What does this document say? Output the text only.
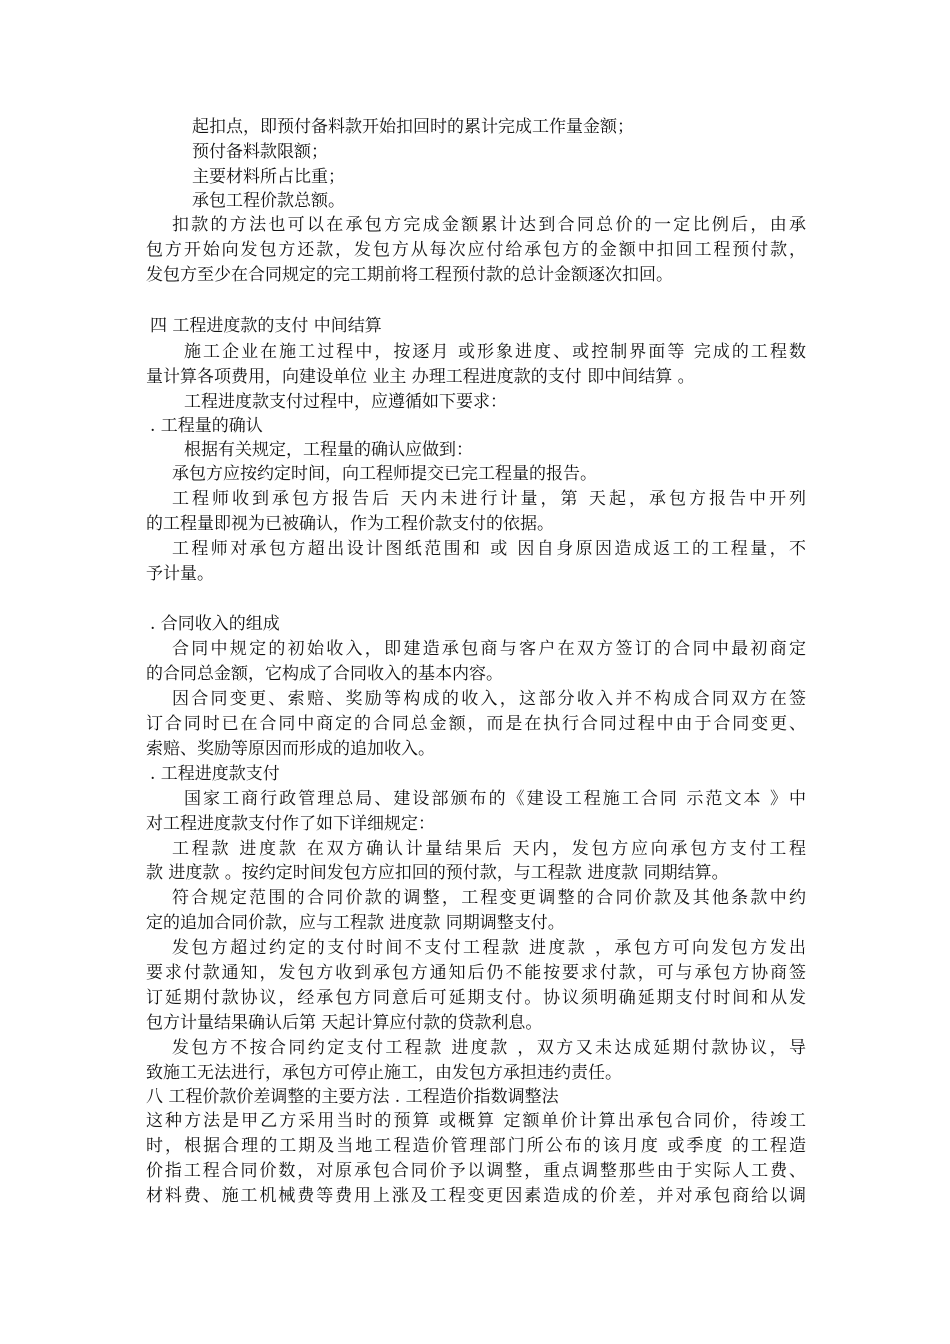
起扣点，即预付备料款开始扣回时的累计完成工作量金额；
预付备料款限额；
主要材料所占比重；
承包工程价款总额。
扣款的方法也可以在承包方完成金额累计达到合同总价的一定比例后，由承
包方开始向发包方还款，发包方从每次应付给承包方的金额中扣回工程预付款，
发包方至少在合同规定的完工期前将工程预付款的总计金额逐次扣回。
四 工程进度款的支付 中间结算
施工企业在施工过程中，按逐月 或形象进度、或控制界面等 完成的工程数
量计算各项费用，向建设单位 业主 办理工程进度款的支付 即中间结算 。
工程进度款支付过程中，应遵循如下要求：
. 工程量的确认
根据有关规定，工程量的确认应做到：
承包方应按约定时间，向工程师提交已完工程量的报告。
工程师收到承包方报告后 天内未进行计量，第 天起，承包方报告中开列
的工程量即视为已被确认，作为工程价款支付的依据。
工程师对承包方超出设计图纸范围和 或 因自身原因造成返工的工程量，不
予计量。
. 合同收入的组成
合同中规定的初始收入，即建造承包商与客户在双方签订的合同中最初商定
的合同总金额，它构成了合同收入的基本内容。
因合同变更、索赔、奖励等构成的收入，这部分收入并不构成合同双方在签
订合同时已在合同中商定的合同总金额，而是在执行合同过程中由于合同变更、
索赔、奖励等原因而形成的追加收入。
. 工程进度款支付
国家工商行政管理总局、建设部颁布的《建设工程施工合同 示范文本 》中
对工程进度款支付作了如下详细规定：
工程款 进度款 在双方确认计量结果后 天内，发包方应向承包方支付工程
款 进度款 。按约定时间发包方应扣回的预付款，与工程款 进度款 同期结算。
符合规定范围的合同价款的调整，工程变更调整的合同价款及其他条款中约
定的追加合同价款，应与工程款 进度款 同期调整支付。
发包方超过约定的支付时间不支付工程款 进度款 ，承包方可向发包方发出
要求付款通知，发包方收到承包方通知后仍不能按要求付款，可与承包方协商签
订延期付款协议，经承包方同意后可延期支付。协议须明确延期支付时间和从发
包方计量结果确认后第 天起计算应付款的贷款利息。
发包方不按合同约定支付工程款 进度款 ，双方又未达成延期付款协议，导
致施工无法进行，承包方可停止施工，由发包方承担违约责任。
八 工程价款价差调整的主要方法 . 工程造价指数调整法
这种方法是甲乙方采用当时的预算 或概算 定额单价计算出承包合同价，待竣工
时，根据合理的工期及当地工程造价管理部门所公布的该月度 或季度 的工程造
价指工程合同价数，对原承包合同价予以调整，重点调整那些由于实际人工费、
材料费、施工机械费等费用上涨及工程变更因素造成的价差，并对承包商给以调
